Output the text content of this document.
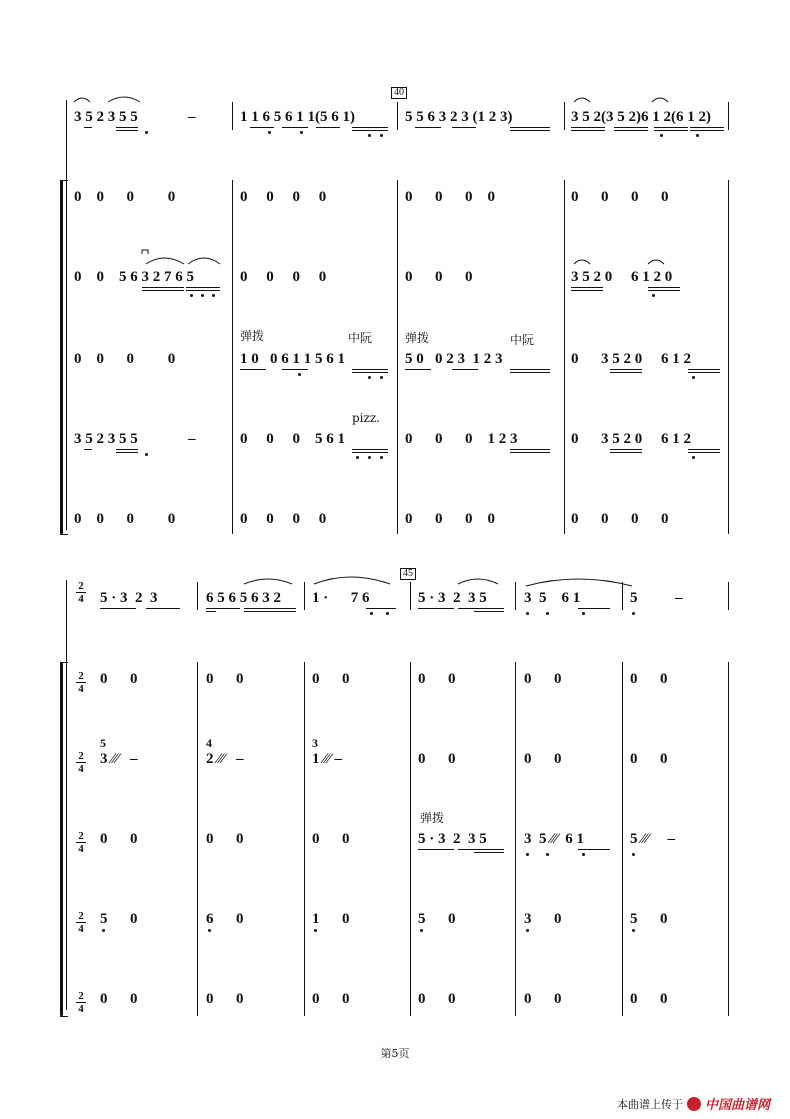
40
3 5 2 3 5 5	–	1 1 6 5 6 1 1(5 6 1)	5 5 6 3 2 3 (1 2 3)	3 5 2(3 5 2)6 1 2(6 1 2)
0    0      0         0	0     0     0     0	0      0      0    0	0      0      0      0
0    0    5 6 3 2 7 6 5	0     0     0     0	0      0      0	3 5 2 0     6 1 2 0
弹拨	中阮	弹拨	中阮
0    0      0         0	1 0   0 6 1 1 5 6 1	5 0   0 2 3  1 2 3	0      3 5 2 0     6 1 2
pizz.
3 5 2 3 5 5	–	0     0     0    5 6 1	0      0      0    1 2 3	0      3 5 2 0     6 1 2
0    0      0         0	0     0     0     0	0      0      0    0	0      0      0      0
45
2
4
2
4
2
4
2
4
2
4
2
4
5 · 3  2  3	6 5 6 5 6 3 2 1 ·      7 6	5 · 3  2  3 5 3  5    6 1	5          –
0      0	0      0	0      0	0      0	0      0	0      0
5	4	3
3 ⁄⁄⁄   –	2 ⁄⁄⁄   –	1 ⁄⁄⁄ –	0      0	0      0	0      0
弹拨
0      0	0      0	0      0	5 · 3  2  3 5 3  5 ⁄⁄⁄  6 1	5 ⁄⁄⁄     –
5      0	6      0	1      0	5      0	3      0	5      0
0      0	0      0	0      0	0      0	0      0	0      0
第5页
本曲谱上传于 中国曲谱网
